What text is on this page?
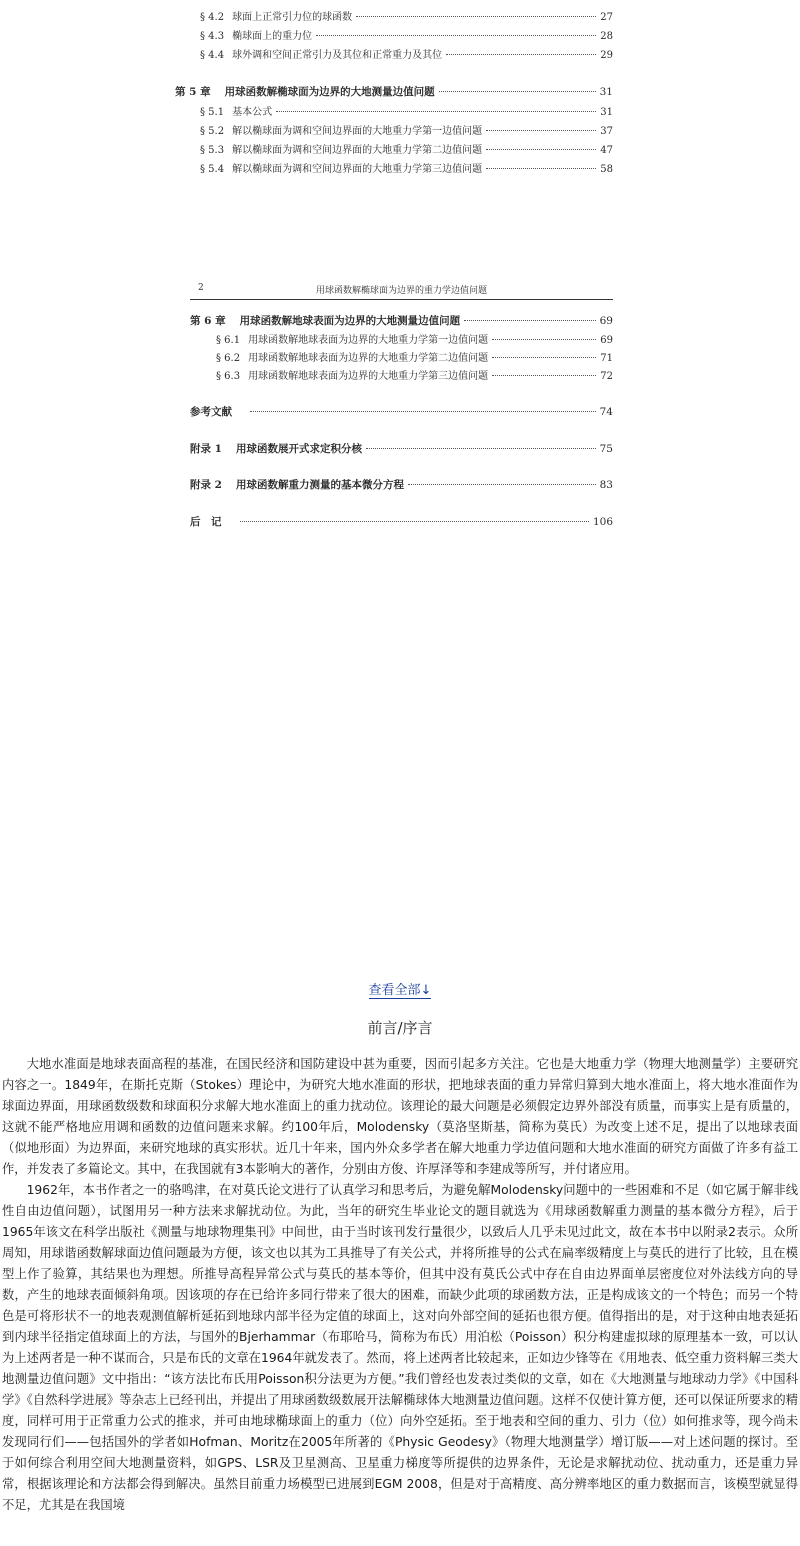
§ 4.2 球面上正常引力位的球函数	27
§ 4.3 椭球面上的重力位	28
§ 4.4 球外调和空间正常引力及其位和正常重力及其位	29
第 5 章 用球函数解椭球面为边界的大地测量边值问题	31
§ 5.1 基本公式	31
§ 5.2 解以椭球面为调和空间边界面的大地重力学第一边值问题	37
§ 5.3 解以椭球面为调和空间边界面的大地重力学第二边值问题	47
§ 5.4 解以椭球面为调和空间边界面的大地重力学第三边值问题	58
2	用球函数解椭球面为边界的重力学边值问题
第 6 章 用球函数解地球表面为边界的大地测量边值问题	69
§ 6.1 用球函数解地球表面为边界的大地重力学第一边值问题	69
§ 6.2 用球函数解地球表面为边界的大地重力学第二边值问题	71
§ 6.3 用球函数解地球表面为边界的大地重力学第三边值问题	72
参考文献	74
附录 1 用球函数展开式求定积分核	75
附录 2 用球函数解重力测量的基本微分方程	83
后　记	106
查看全部↓
前言/序言

大地水准面是地球表面高程的基准，在国民经济和国防建设中甚为重要，因而引起多方关注。它也是大地重力学（物理大地测量学）主要研究内容之一。1849年，在斯托克斯（Stokes）理论中，为研究大地水准面的形状，把地球表面的重力异常归算到大地水准面上，将大地水准面作为球面边界面，用球函数级数和球面积分求解大地水准面上的重力扰动位。该理论的最大问题是必须假定边界外部没有质量，而事实上是有质量的，这就不能严格地应用调和函数的边值问题来求解。约100年后，Molodensky（莫洛坚斯基，简称为莫氏）为改变上述不足，提出了以地球表面（似地形面）为边界面，来研究地球的真实形状。近几十年来，国内外众多学者在解大地重力学边值问题和大地水准面的研究方面做了许多有益工作，并发表了多篇论文。其中，在我国就有3本影响大的著作，分别由方俊、许厚泽等和李建成等所写，并付诸应用。

1962年，本书作者之一的骆鸣津，在对莫氏论文进行了认真学习和思考后，为避免解Molodensky问题中的一些困难和不足（如它属于解非线性自由边值问题），试图用另一种方法来求解扰动位。为此，当年的研究生毕业论文的题目就选为《用球函数解重力测量的基本微分方程》，后于1965年该文在科学出版社《测量与地球物理集刊》中间世，由于当时该刊发行量很少，以致后人几乎未见过此文，故在本书中以附录2表示。众所周知，用球谐函数解球面边值问题最为方便，该文也以其为工具推导了有关公式，并将所推导的公式在扁率级精度上与莫氏的进行了比较，且在模型上作了验算，其结果也为理想。所推导高程异常公式与莫氏的基本等价，但其中没有莫氏公式中存在自由边界面单层密度位对外法线方向的导数，产生的地球表面倾斜角项。因该项的存在已给许多同行带来了很大的困难，而缺少此项的球函数方法，正是构成该文的一个特色；而另一个特色是可将形状不一的地表观测值解析延拓到地球内部半径为定值的球面上，这对向外部空间的延拓也很方便。值得指出的是，对于这种由地表延拓到内球半径指定值球面上的方法，与国外的Bjerhammar（布耶哈马，简称为布氏）用泊松（Poisson）积分构建虚拟球的原理基本一致，可以认为上述两者是一种不谋而合，只是布氏的文章在1964年就发表了。然而，将上述两者比较起来，正如边少锋等在《用地表、低空重力资料解三类大地测量边值问题》文中指出：“该方法比布氏用Poisson积分法更为方便。”我们曾经也发表过类似的文章，如在《大地测量与地球动力学》《中国科学》《自然科学进展》等杂志上已经刊出，并提出了用球函数级数展开法解椭球体大地测量边值问题。这样不仅使计算方便，还可以保证所要求的精度，同样可用于正常重力公式的推求，并可由地球椭球面上的重力（位）向外空延拓。至于地表和空间的重力、引力（位）如何推求等，现今尚未发现同行们——包括国外的学者如Hofman、Moritz在2005年所著的《Physic Geodesy》（物理大地测量学）增订版——对上述问题的探讨。至于如何综合利用空间大地测量资料，如GPS、LSR及卫星测高、卫星重力梯度等所提供的边界条件，无论是求解扰动位、扰动重力，还是重力异常，根据该理论和方法都会得到解决。虽然目前重力场模型已进展到EGM 2008，但是对于高精度、高分辨率地区的重力数据而言，该模型就显得不足，尤其是在我国境
